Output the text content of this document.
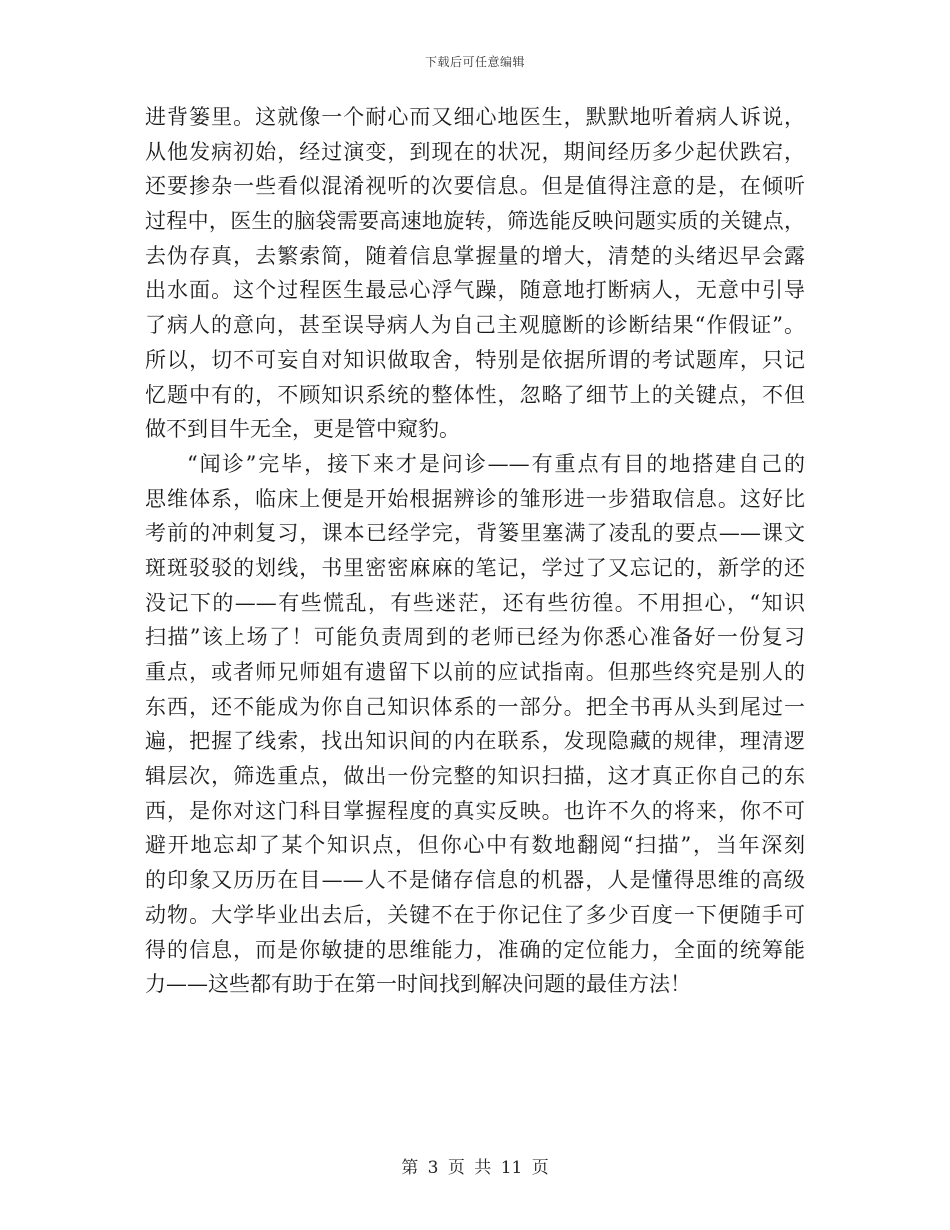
下载后可任意编辑
进背篓里。这就像一个耐心而又细心地医生，默默地听着病人诉说，
从他发病初始，经过演变，到现在的状况，期间经历多少起伏跌宕，
还要掺杂一些看似混淆视听的次要信息。但是值得注意的是，在倾听
过程中，医生的脑袋需要高速地旋转，筛选能反映问题实质的关键点，
去伪存真，去繁索简，随着信息掌握量的增大，清楚的头绪迟早会露
出水面。这个过程医生最忌心浮气躁，随意地打断病人，无意中引导
了病人的意向，甚至误导病人为自己主观臆断的诊断结果“作假证”。
所以，切不可妄自对知识做取舍，特别是依据所谓的考试题库，只记
忆题中有的，不顾知识系统的整体性，忽略了细节上的关键点，不但
做不到目牛无全，更是管中窥豹。
“闻诊”完毕，接下来才是问诊——有重点有目的地搭建自己的
思维体系，临床上便是开始根据辨诊的雏形进一步猎取信息。这好比
考前的冲刺复习，课本已经学完，背篓里塞满了凌乱的要点——课文
斑斑驳驳的划线，书里密密麻麻的笔记，学过了又忘记的，新学的还
没记下的——有些慌乱，有些迷茫，还有些彷徨。不用担心，“知识
扫描”该上场了！可能负责周到的老师已经为你悉心准备好一份复习
重点，或者师兄师姐有遗留下以前的应试指南。但那些终究是别人的
东西，还不能成为你自己知识体系的一部分。把全书再从头到尾过一
遍，把握了线索，找出知识间的内在联系，发现隐藏的规律，理清逻
辑层次，筛选重点，做出一份完整的知识扫描，这才真正你自己的东
西，是你对这门科目掌握程度的真实反映。也许不久的将来，你不可
避开地忘却了某个知识点，但你心中有数地翻阅“扫描”，当年深刻
的印象又历历在目——人不是储存信息的机器，人是懂得思维的高级
动物。大学毕业出去后，关键不在于你记住了多少百度一下便随手可
得的信息，而是你敏捷的思维能力，准确的定位能力，全面的统筹能
力——这些都有助于在第一时间找到解决问题的最佳方法！
第 3 页 共 11 页
